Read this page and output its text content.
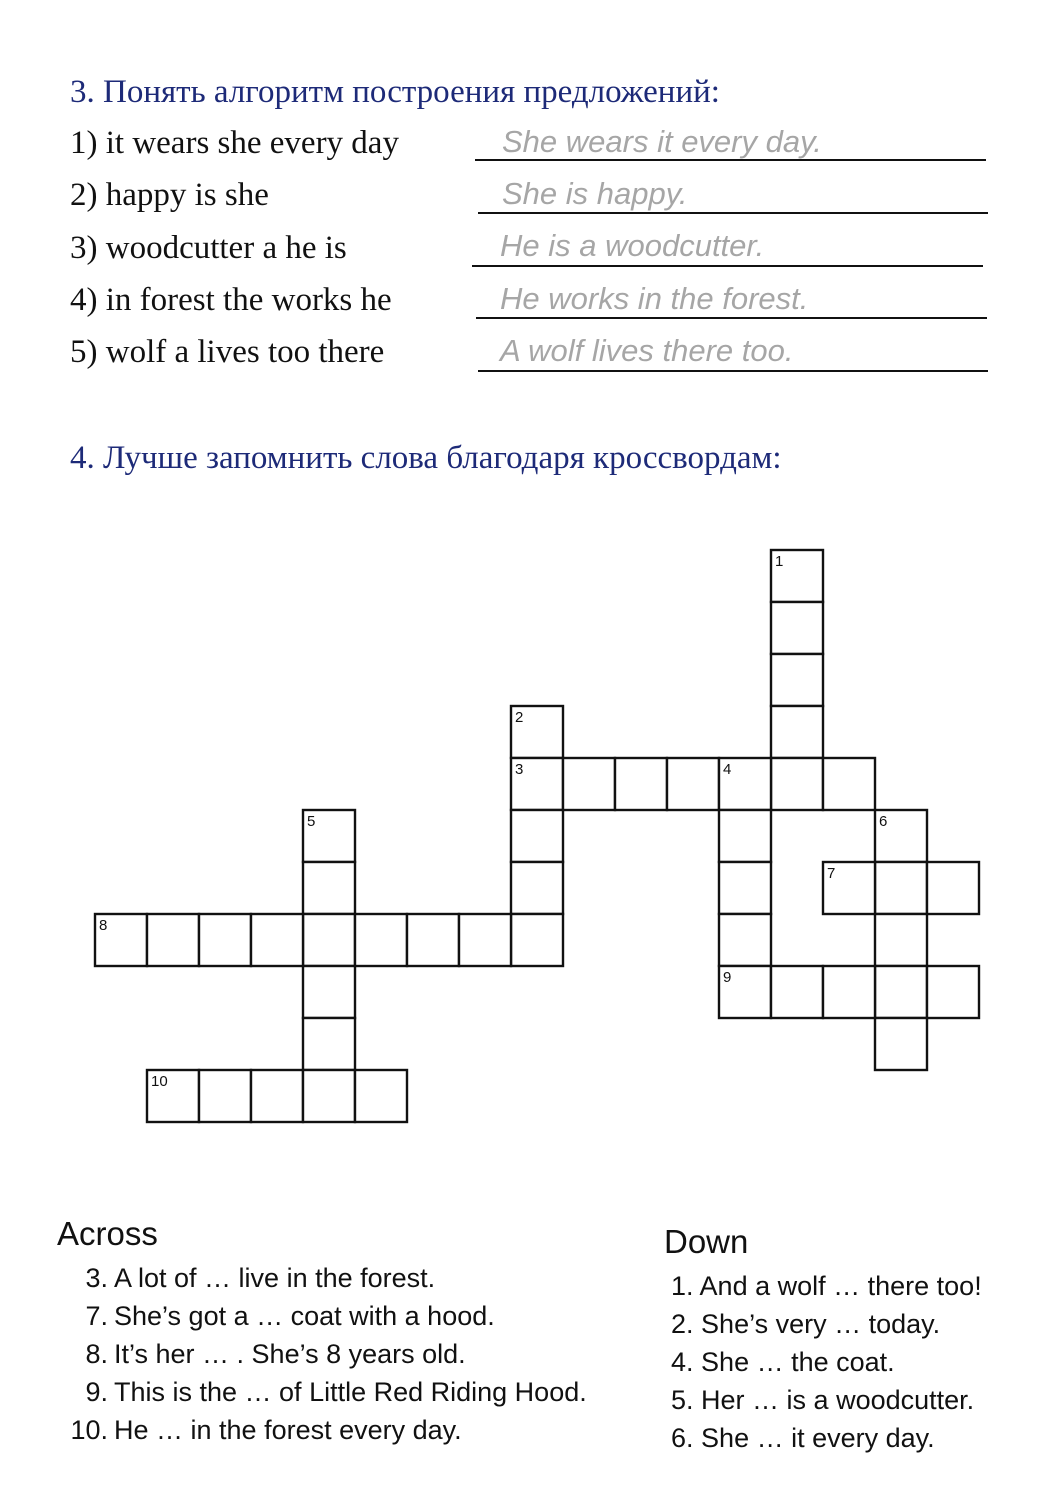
3. Понять алгоритм построения предложений:
1) it wears she every day	She wears it every day.
2) happy is she	She is happy.
3) woodcutter a he is	He is a woodcutter.
4) in forest the works he	He works in the forest.
5) wolf a lives too there	A wolf lives there too.
4. Лучше запомнить слова благодаря кроссвордам:
1
2
3	4
5	6
7
8
9
10
Across
3. A lot of … live in the forest.
7. She’s got a … coat with a hood.
8. It’s her … . She’s 8 years old.
9. This is the … of Little Red Riding Hood.
10. He … in the forest every day.
Down
1. And a wolf … there too!
2. She’s very … today.
4. She … the coat.
5. Her … is a woodcutter.
6. She … it every day.
